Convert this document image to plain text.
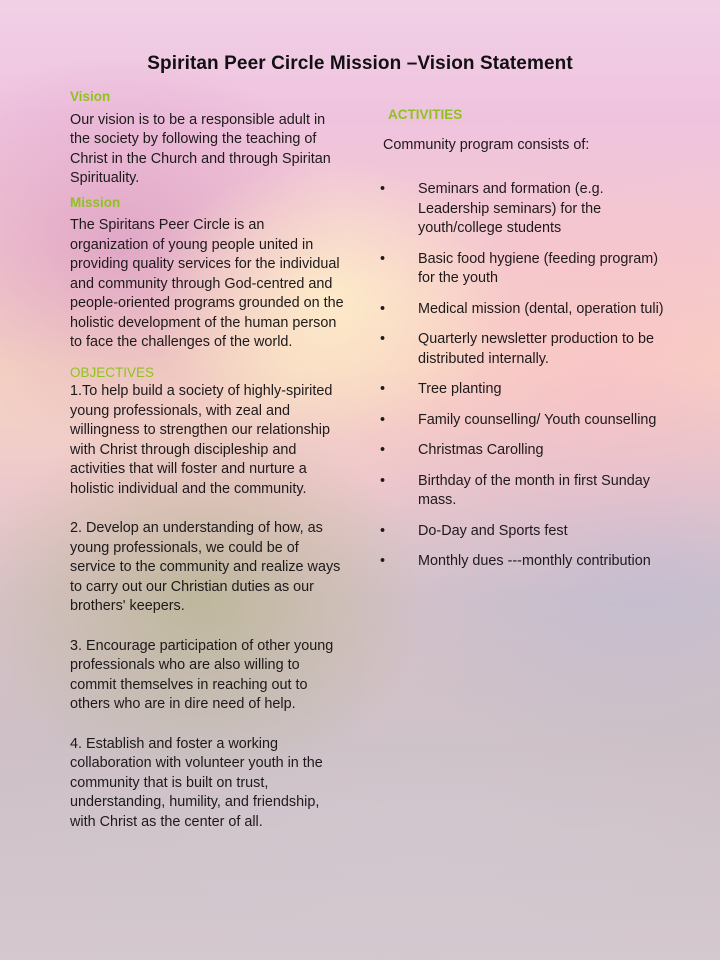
Spiritan Peer Circle Mission –Vision Statement
Vision

Our vision is to be a responsible adult in the society by following the teaching of Christ in the Church and through Spiritan Spirituality.

Mission

The Spiritans Peer Circle is an organization of young people united in providing quality services for the individual and community through God-centred and people-oriented programs grounded on the holistic development of the human person to face the challenges of the world.

OBJECTIVES

1.To help build a society of highly-spirited young professionals, with zeal and willingness to strengthen our relationship with Christ through discipleship and activities that will foster and nurture a holistic individual and the community.

2. Develop an understanding of how, as young professionals, we could be of service to the community and realize ways to carry out our Christian duties as our brothers' keepers.

3. Encourage participation of other young professionals who are also willing to commit themselves in reaching out to others who are in dire need of help.

4. Establish and foster a working collaboration with volunteer youth in the community that is built on trust, understanding, humility, and friendship, with Christ as the center of all.

ACTIVITIES
Community program consists of:
• Seminars and formation (e.g. Leadership seminars) for the youth/college students
• Basic food hygiene (feeding program) for the youth
• Medical mission (dental, operation tuli)
• Quarterly newsletter production to be distributed internally.
• Tree planting
• Family counselling/ Youth counselling
• Christmas Carolling
• Birthday of the month in first Sunday mass.
• Do-Day and Sports fest
• Monthly dues ---monthly contribution
